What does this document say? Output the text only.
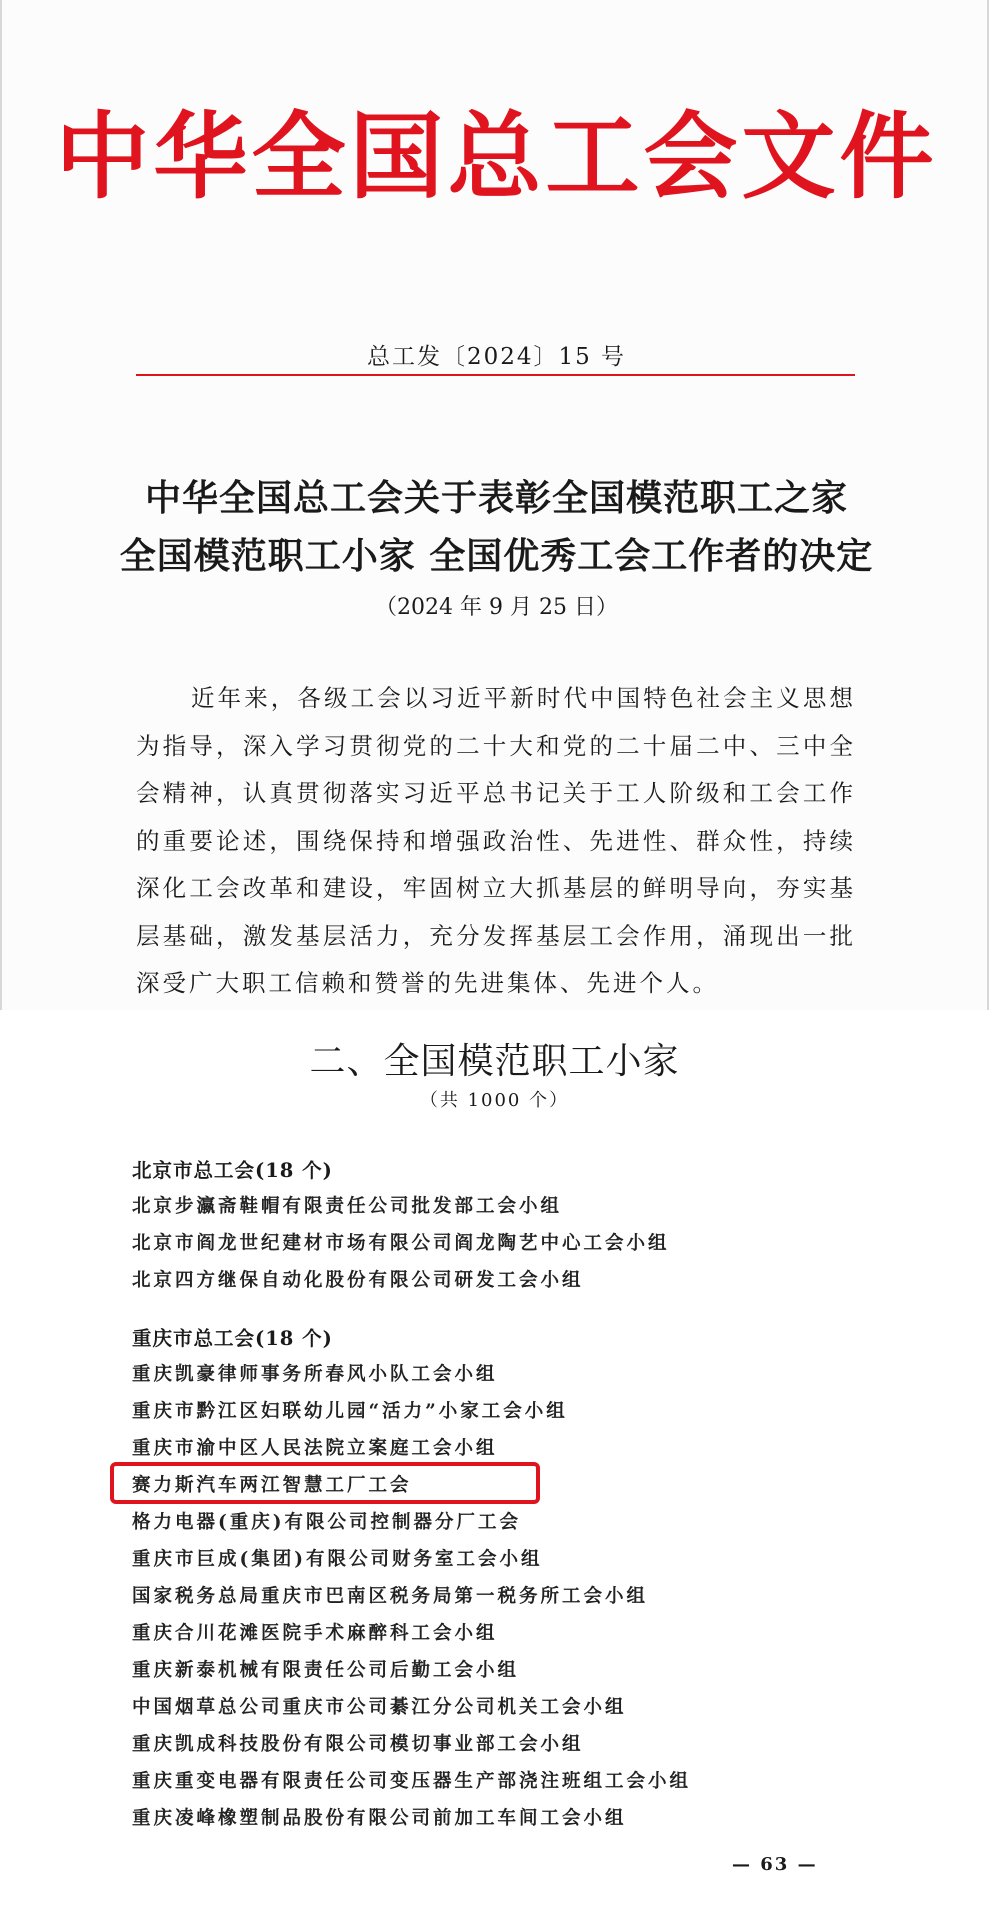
中华全国总工会文件
总工发〔2024〕15 号
中华全国总工会关于表彰全国模范职工之家
全国模范职工小家 全国优秀工会工作者的决定
（2024 年 9 月 25 日）
近年来，各级工会以习近平新时代中国特色社会主义思想为指导，深入学习贯彻党的二十大和党的二十届二中、三中全会精神，认真贯彻落实习近平总书记关于工人阶级和工会工作的重要论述，围绕保持和增强政治性、先进性、群众性，持续深化工会改革和建设，牢固树立大抓基层的鲜明导向，夯实基层基础，激发基层活力，充分发挥基层工会作用，涌现出一批深受广大职工信赖和赞誉的先进集体、先进个人。
二、全国模范职工小家
（共 1000 个）
北京市总工会(18 个)
北京步瀛斋鞋帽有限责任公司批发部工会小组
北京市阎龙世纪建材市场有限公司阎龙陶艺中心工会小组
北京四方继保自动化股份有限公司研发工会小组
重庆市总工会(18 个)
重庆凯豪律师事务所春风小队工会小组
重庆市黔江区妇联幼儿园“活力”小家工会小组
重庆市渝中区人民法院立案庭工会小组
赛力斯汽车两江智慧工厂工会
格力电器(重庆)有限公司控制器分厂工会
重庆市巨成(集团)有限公司财务室工会小组
国家税务总局重庆市巴南区税务局第一税务所工会小组
重庆合川花滩医院手术麻醉科工会小组
重庆新泰机械有限责任公司后勤工会小组
中国烟草总公司重庆市公司綦江分公司机关工会小组
重庆凯成科技股份有限公司模切事业部工会小组
重庆重变电器有限责任公司变压器生产部浇注班组工会小组
重庆凌峰橡塑制品股份有限公司前加工车间工会小组
— 63 —
